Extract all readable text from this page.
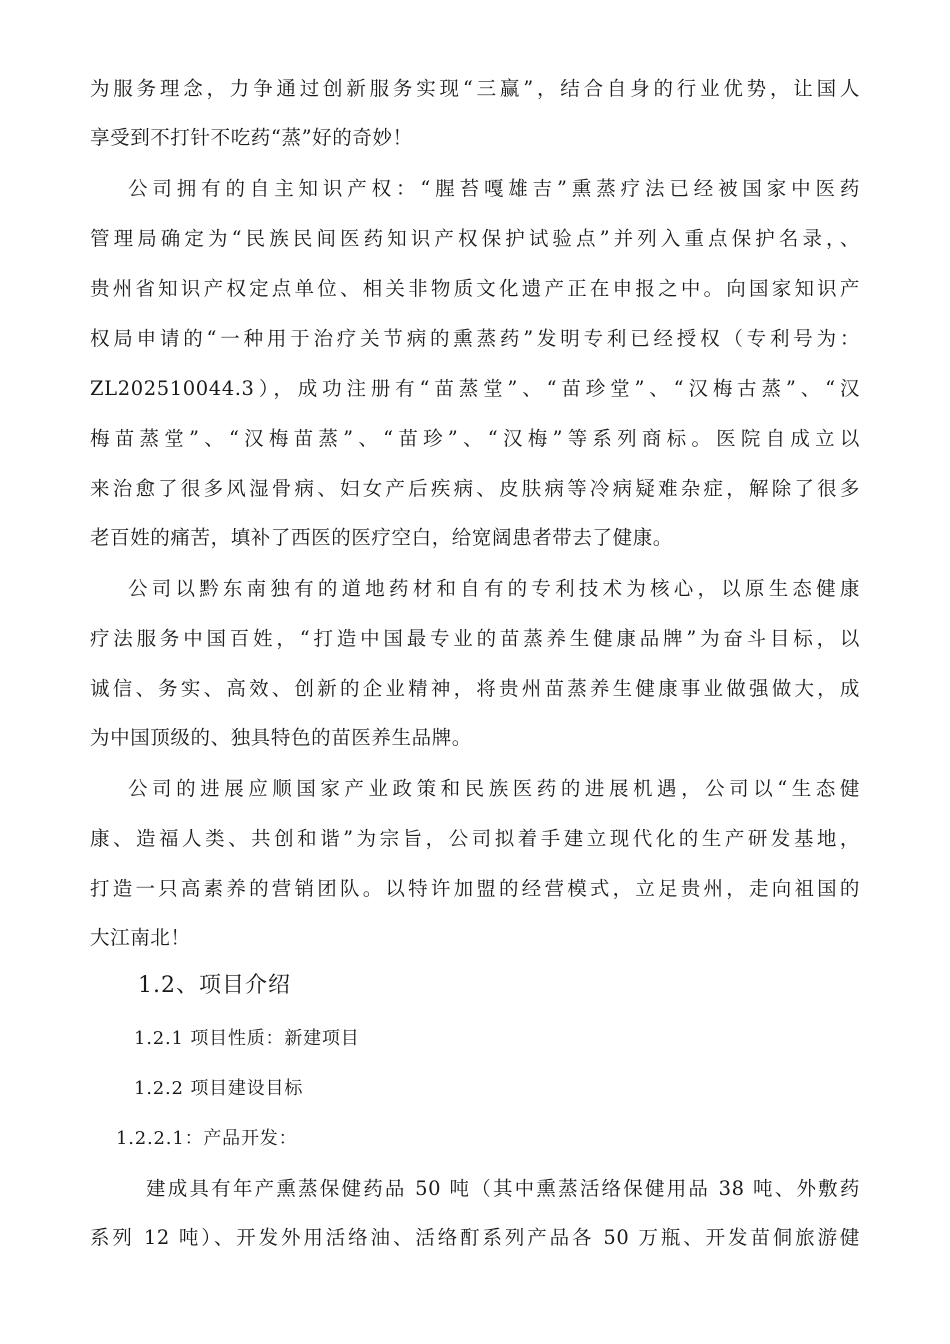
为服务理念，力争通过创新服务实现“三赢”，结合自身的行业优势，让国人
享受到不打针不吃药“蒸”好的奇妙！
公司拥有的自主知识产权：“腥苔嘎雄吉”熏蒸疗法已经被国家中医药
管理局确定为“民族民间医药知识产权保护试验点”并列入重点保护名录，、
贵州省知识产权定点单位、相关非物质文化遗产正在申报之中。向国家知识产
权局申请的“一种用于治疗关节病的熏蒸药”发明专利已经授权（专利号为：
ZL202510044.3），成功注册有“苗蒸堂”、“苗珍堂”、“汉梅古蒸”、“汉
梅苗蒸堂”、“汉梅苗蒸”、“苗珍”、“汉梅”等系列商标。医院自成立以
来治愈了很多风湿骨病、妇女产后疾病、皮肤病等冷病疑难杂症，解除了很多
老百姓的痛苦，填补了西医的医疗空白，给宽阔患者带去了健康。
公司以黔东南独有的道地药材和自有的专利技术为核心，以原生态健康
疗法服务中国百姓，“打造中国最专业的苗蒸养生健康品牌”为奋斗目标，以
诚信、务实、高效、创新的企业精神，将贵州苗蒸养生健康事业做强做大，成
为中国顶级的、独具特色的苗医养生品牌。
公司的进展应顺国家产业政策和民族医药的进展机遇，公司以“生态健
康、造福人类、共创和谐”为宗旨，公司拟着手建立现代化的生产研发基地，
打造一只高素养的营销团队。以特许加盟的经营模式，立足贵州，走向祖国的
大江南北！
1.2、项目介绍
1.2.1 项目性质：新建项目
1.2.2 项目建设目标
1.2.2.1：产品开发：
建成具有年产熏蒸保健药品 50 吨（其中熏蒸活络保健用品 38 吨、外敷药
系列 12 吨）、开发外用活络油、活络酊系列产品各 50 万瓶、开发苗侗旅游健
